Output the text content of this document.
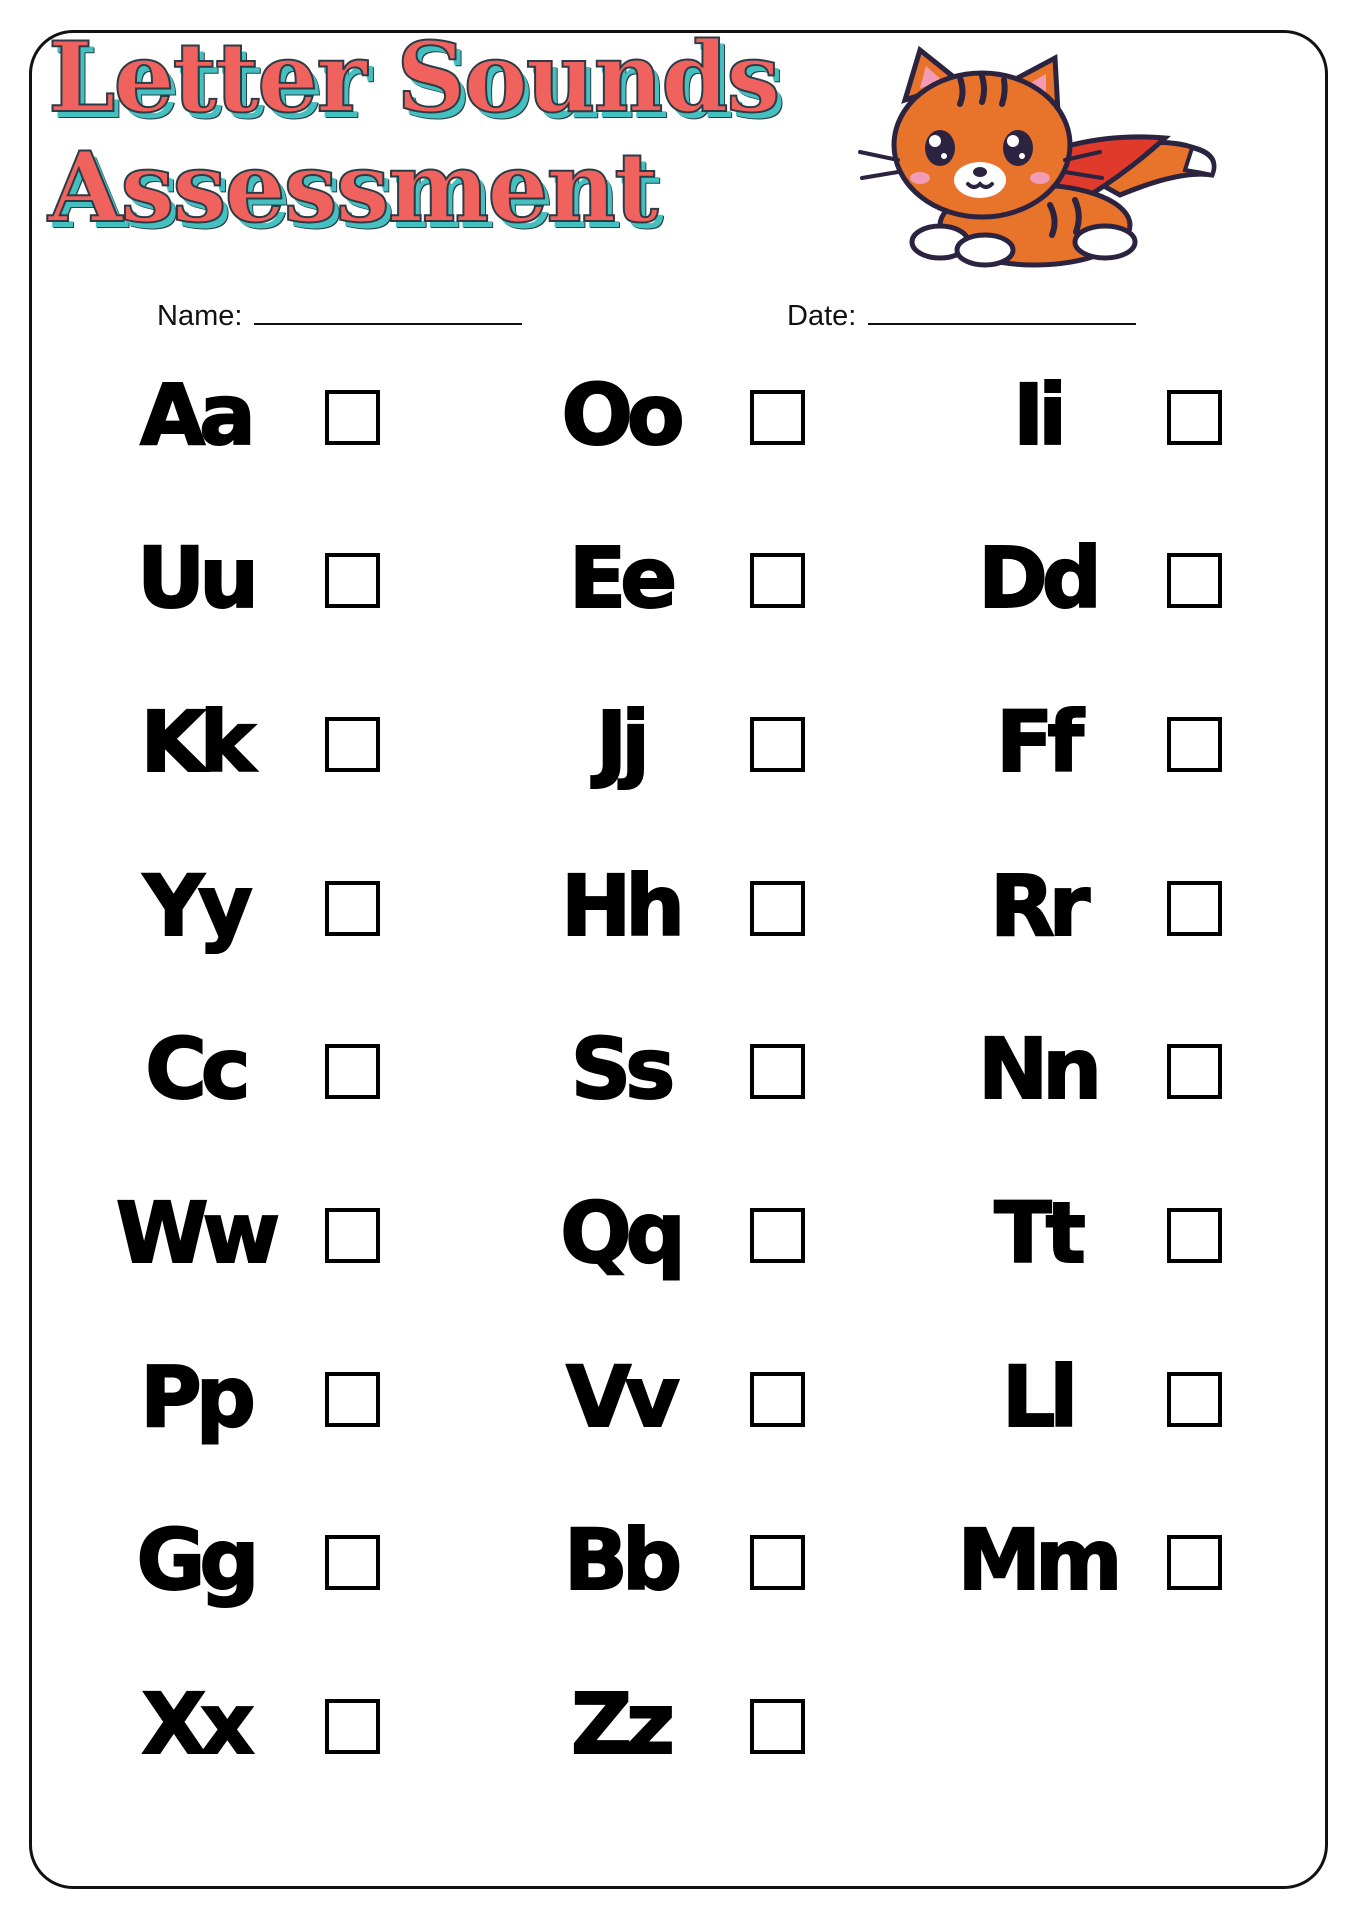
Letter Sounds
Assessment
Name:	Date:
Aa	Oo	Ii
Uu	Ee	Dd
Kk	Jj	Ff
Yy	Hh	Rr
Cc	Ss	Nn
Ww	Qq	Tt
Pp	Vv	Ll
Gg	Bb	Mm
Xx	Zz
